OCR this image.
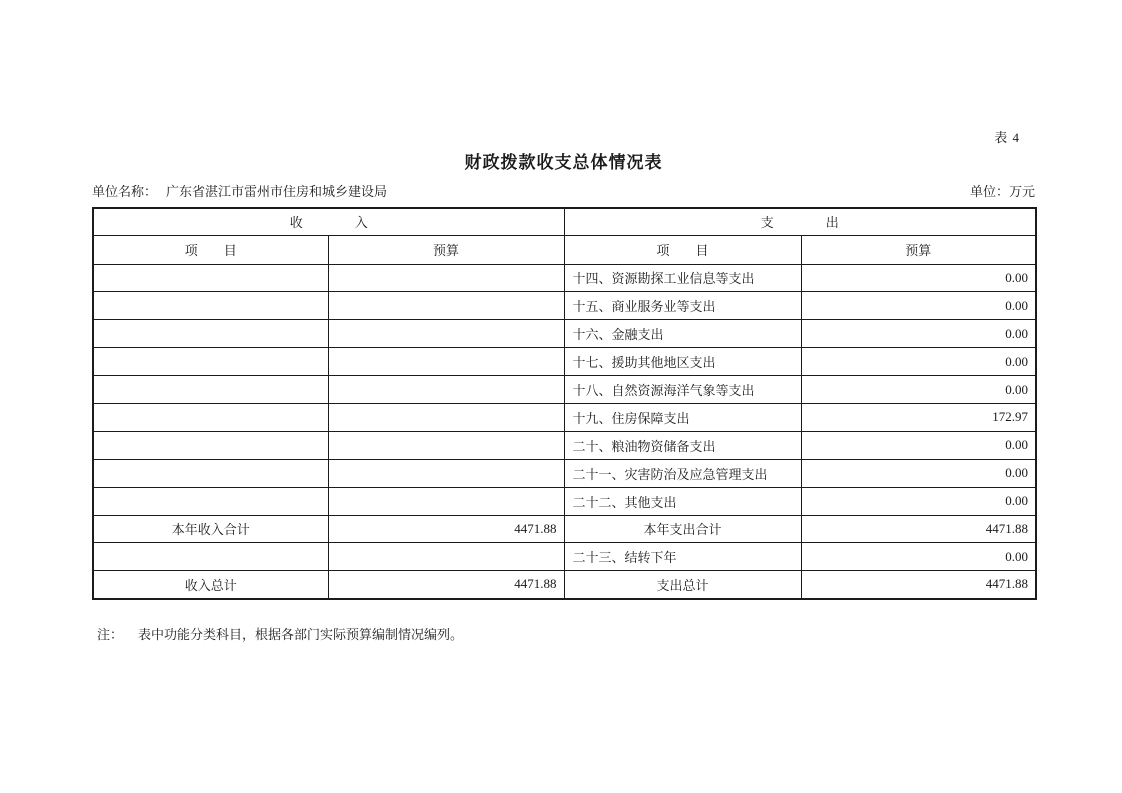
表 4
财政拨款收支总体情况表
单位名称： 广东省湛江市雷州市住房和城乡建设局	单位：万元
收　　　　入		支　　　　出	
项　　目	预算	项　　目	预算
		十四、资源勘探工业信息等支出	0.00
		十五、商业服务业等支出	0.00
		十六、金融支出	0.00
		十七、援助其他地区支出	0.00
		十八、自然资源海洋气象等支出	0.00
		十九、住房保障支出	172.97
		二十、粮油物资储备支出	0.00
		二十一、灾害防治及应急管理支出	0.00
		二十二、其他支出	0.00
本年收入合计	4471.88	本年支出合计	4471.88
		二十三、结转下年	0.00
收入总计	4471.88	支出总计	4471.88
注： 表中功能分类科目，根据各部门实际预算编制情况编列。
